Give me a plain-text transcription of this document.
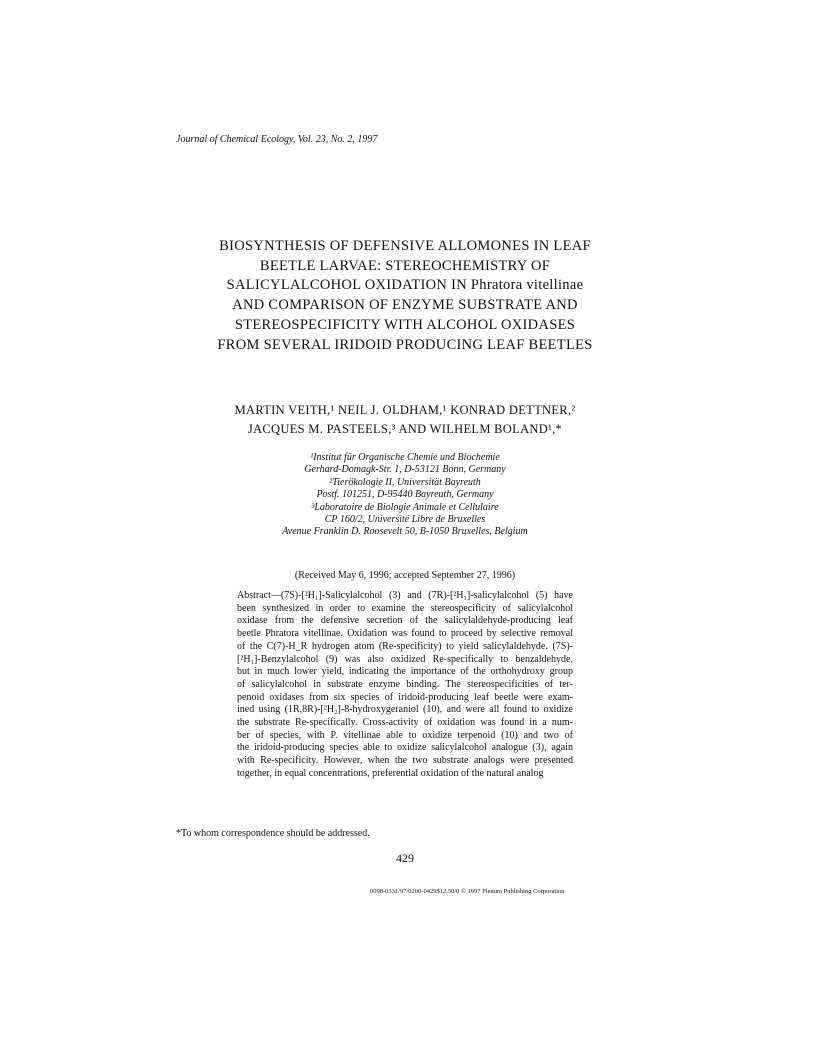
Journal of Chemical Ecology, Vol. 23, No. 2, 1997
BIOSYNTHESIS OF DEFENSIVE ALLOMONES IN LEAF
BEETLE LARVAE: STEREOCHEMISTRY OF
SALICYLALCOHOL OXIDATION IN Phratora vitellinae
AND COMPARISON OF ENZYME SUBSTRATE AND
STEREOSPECIFICITY WITH ALCOHOL OXIDASES
FROM SEVERAL IRIDOID PRODUCING LEAF BEETLES
MARTIN VEITH,¹ NEIL J. OLDHAM,¹ KONRAD DETTNER,²
JACQUES M. PASTEELS,³ AND WILHELM BOLAND¹,*
¹Institut für Organische Chemie und Biochemie
Gerhard-Domagk-Str. 1, D-53121 Bonn, Germany
²Tierökologie II, Universität Bayreuth
Postf. 101251, D-95440 Bayreuth, Germany
³Laboratoire de Biologie Animale et Cellulaire
CP 160/2, Université Libre de Bruxelles
Avenue Franklin D. Roosevelt 50, B-1050 Bruxelles, Belgium
(Received May 6, 1996; accepted September 27, 1996)
Abstract—(7S)-[²H₁]-Salicylalcohol (3) and (7R)-[²H₁]-salicylalcohol (5) have
been synthesized in order to examine the stereospecificity of salicylalcohol
oxidase from the defensive secretion of the salicylaldehyde-producing leaf
beetle Phratora vitellinae. Oxidation was found to proceed by selective removal
of the C(7)-H_R hydrogen atom (Re-specificity) to yield salicylaldehyde. (7S)-
[²H₁]-Benzylalcohol (9) was also oxidized Re-specifically to benzaldehyde,
but in much lower yield, indicating the importance of the orthohydroxy group
of salicylalcohol in substrate enzyme binding. The stereospecificities of ter-
penoid oxidases from six species of iridoid-producing leaf beetle were exam-
ined using (1R,8R)-[²H₂]-8-hydroxygeraniol (10), and were all found to oxidize
the substrate Re-specifically. Cross-activity of oxidation was found in a num-
ber of species, with P. vitellinae able to oxidize terpenoid (10) and two of
the iridoid-producing species able to oxidize salicylalcohol analogue (3), again
with Re-specificity. However, when the two substrate analogs were presented
together, in equal concentrations, preferential oxidation of the natural analog
*To whom correspondence should be addressed.
429
0098-0331/97/0200-0429$12.50/0 © 1997 Plenum Publishing Corporation
